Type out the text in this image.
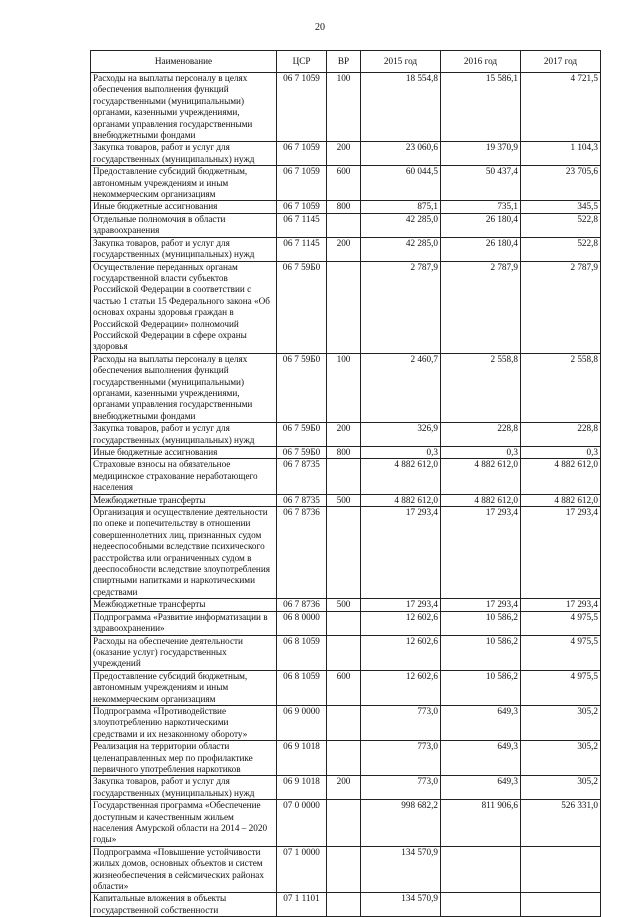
20
Наименование	ЦСР	ВР	2015 год	2016 год	2017 год
Расходы на выплаты персоналу в целях обеспечения выполнения функций государственными (муниципальными) органами, казенными учреждениями, органами управления государственными внебюджетными фондами	06 7 1059	100	18 554,8	15 586,1	4 721,5
Закупка товаров, работ и услуг для государственных (муниципальных) нужд	06 7 1059	200	23 060,6	19 370,9	1 104,3
Предоставление субсидий бюджетным, автономным учреждениям и иным некоммерческим организациям	06 7 1059	600	60 044,5	50 437,4	23 705,6
Иные бюджетные ассигнования	06 7 1059	800	875,1	735,1	345,5
Отдельные полномочия в области здравоохранения	06 7 1145		42 285,0	26 180,4	522,8
Закупка товаров, работ и услуг для государственных (муниципальных) нужд	06 7 1145	200	42 285,0	26 180,4	522,8
Осуществление переданных органам государственной власти субъектов Российской Федерации в соответствии с частью 1 статьи 15 Федерального закона «Об основах охраны здоровья граждан в Российской Федерации» полномочий Российской Федерации в сфере охраны здоровья	06 7 59Б0		2 787,9	2 787,9	2 787,9
Расходы на выплаты персоналу в целях обеспечения выполнения функций государственными (муниципальными) органами, казенными учреждениями, органами управления государственными внебюджетными фондами	06 7 59Б0	100	2 460,7	2 558,8	2 558,8
Закупка товаров, работ и услуг для государственных (муниципальных) нужд	06 7 59Б0	200	326,9	228,8	228,8
Иные бюджетные ассигнования	06 7 59Б0	800	0,3	0,3	0,3
Страховые взносы на обязательное медицинское страхование неработающего населения	06 7 8735		4 882 612,0	4 882 612,0	4 882 612,0
Межбюджетные трансферты	06 7 8735	500	4 882 612,0	4 882 612,0	4 882 612,0
Организация и осуществление деятельности по опеке и попечительству в отношении совершеннолетних лиц, признанных судом недееспособными вследствие психического расстройства или ограниченных судом в дееспособности вследствие злоупотребления спиртными напитками и наркотическими средствами	06 7 8736		17 293,4	17 293,4	17 293,4
Межбюджетные трансферты	06 7 8736	500	17 293,4	17 293,4	17 293,4
Подпрограмма «Развитие информатизации в здравоохранении»	06 8 0000		12 602,6	10 586,2	4 975,5
Расходы на обеспечение деятельности (оказание услуг) государственных учреждений	06 8 1059		12 602,6	10 586,2	4 975,5
Предоставление субсидий бюджетным, автономным учреждениям и иным некоммерческим организациям	06 8 1059	600	12 602,6	10 586,2	4 975,5
Подпрограмма «Противодействие злоупотреблению наркотическими средствами и их незаконному обороту»	06 9 0000		773,0	649,3	305,2
Реализация на территории области целенаправленных мер по профилактике первичного употребления наркотиков	06 9 1018		773,0	649,3	305,2
Закупка товаров, работ и услуг для государственных (муниципальных) нужд	06 9 1018	200	773,0	649,3	305,2
Государственная программа «Обеспечение доступным и качественным жильем населения Амурской области на 2014 – 2020 годы»	07 0 0000		998 682,2	811 906,6	526 331,0
Подпрограмма «Повышение устойчивости жилых домов, основных объектов и систем жизнеобеспечения в сейсмических районах области»	07 1 0000		134 570,9		
Капитальные вложения в объекты государственной собственности	07 1 1101		134 570,9		
